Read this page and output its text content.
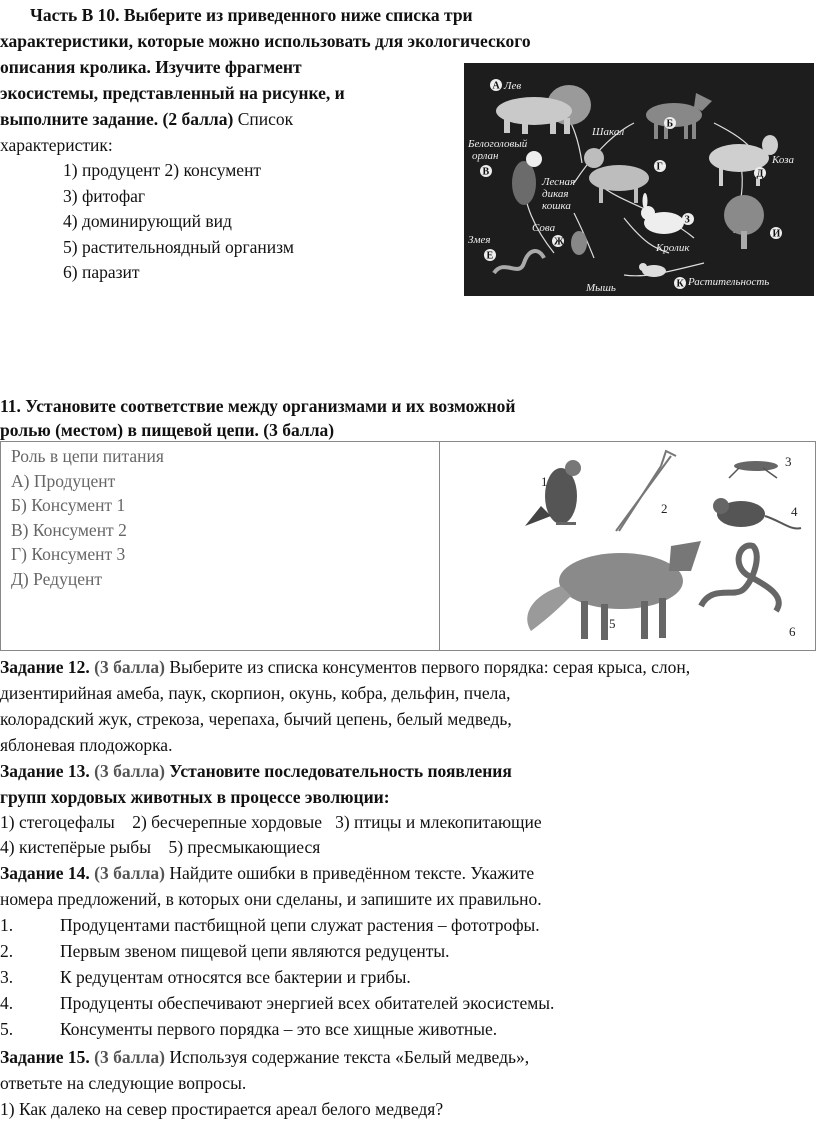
Часть В 10. Выберите из приведенного ниже списка три
характеристики, которые можно использовать для экологического
описания кролика. Изучите фрагмент
экосистемы, представленный на рисунке, и
выполните задание. (2 балла) Список
характеристик:
1) продуцент 2) консумент
3) фитофаг
4) доминирующий вид
5) растительноядный организм
6) паразит
Лев
Шакал
Белоголовый
орлан
Лесная
дикая
кошка
Коза
Змея
Сова
Кролик
Мышь	Растительность
А
Б
В	Г
Д
Е
Ж
З
И
К
11. Установите соответствие между организмами и их возможной
ролью (местом) в пищевой цепи. (3 балла)
Роль в цепи питания
А) Продуцент
Б) Консумент 1
В) Консумент 2
Г) Консумент 3
Д) Редуцент
1
2
3
4
5
6
Задание 12. (3 балла) Выберите из списка консументов первого порядка: серая крыса, слон,
дизентирийная амеба, паук, скорпион, окунь, кобра, дельфин, пчела,
колорадский жук, стрекоза, черепаха, бычий цепень, белый медведь,
яблоневая плодожорка.
Задание 13. (3 балла) Установите последовательность появления
групп хордовых животных в процессе эволюции:
1) стегоцефалы    2) бесчерепные хордовые   3) птицы и млекопитающие
4) кистепёрые рыбы    5) пресмыкающиеся
Задание 14. (3 балла) Найдите ошибки в приведённом тексте. Укажите
номера предложений, в которых они сделаны, и запишите их правильно.
1.	Продуцентами пастбищной цепи служат растения – фототрофы.
2.	Первым звеном пищевой цепи являются редуценты.
3.	К редуцентам относятся все бактерии и грибы.
4.	Продуценты обеспечивают энергией всех обитателей экосистемы.
5.	Консументы первого порядка – это все хищные животные.
Задание 15. (3 балла) Используя содержание текста «Белый медведь»,
ответьте на следующие вопросы.
1) Как далеко на север простирается ареал белого медведя?
